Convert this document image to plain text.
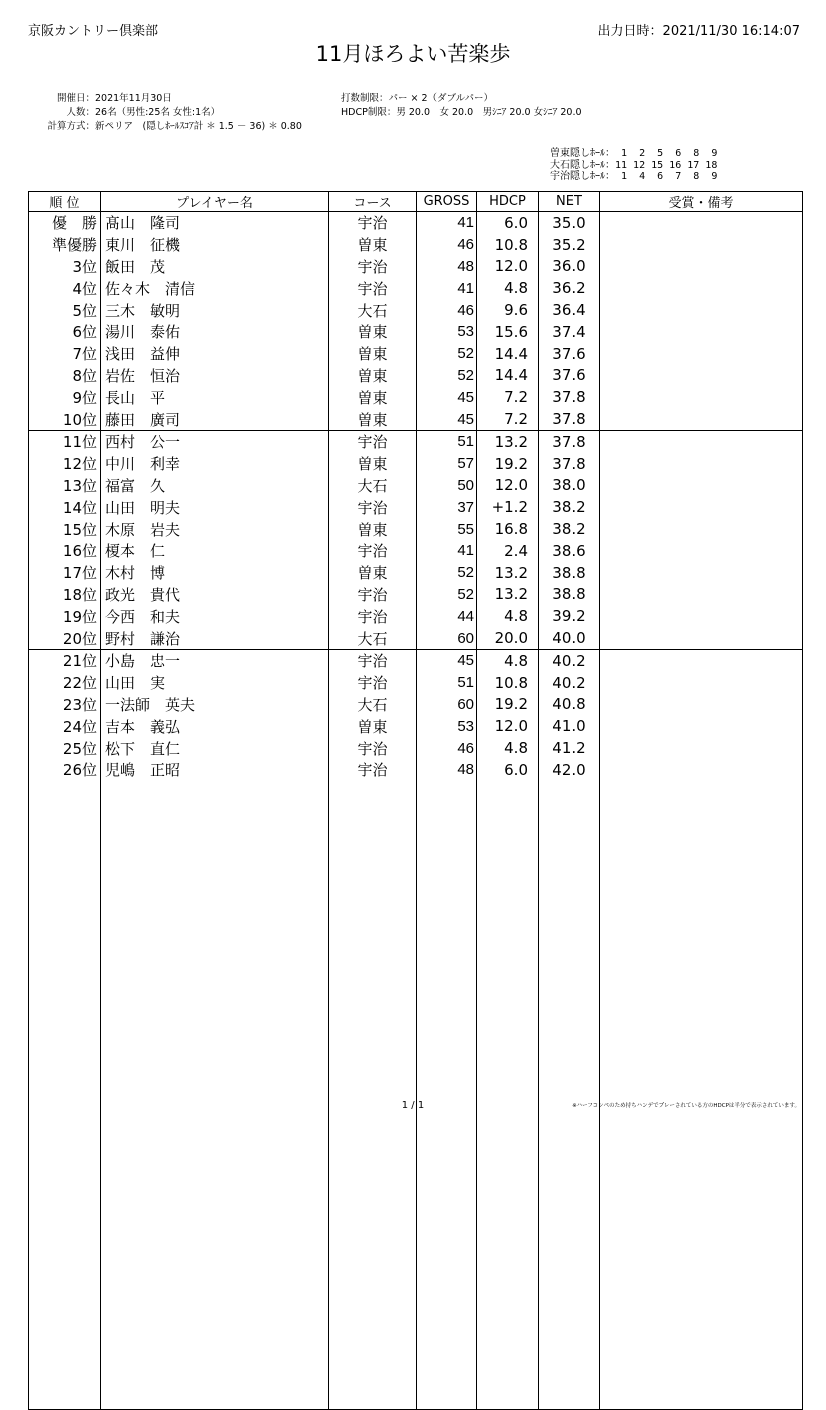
京阪カントリー倶楽部	出力日時：2021/11/30 16:14:07
11月ほろよい苦楽歩
開催日：2021年11月30日
人数：26名（男性:25名 女性:1名）
計算方式：新ペリア　(隠しﾎｰﾙｽｺｱ計 ＊ 1.5 － 36) ＊ 0.80
打数制限：パー × 2（ダブルパー）
HDCP制限：男 20.0　女 20.0　男ｼﾆｱ 20.0 女ｼﾆｱ 20.0
曽東隠しﾎｰﾙ： 1  2  5  6  8  9
大石隠しﾎｰﾙ：11 12 15 16 17 18
宇治隠しﾎｰﾙ： 1  4  6  7  8  9
順 位	プレイヤー名	コース	GROSS	HDCP	NET	受賞・備考
優　勝	髙山　隆司	宇治	41	6.0	35.0	
準優勝	東川　征機	曽東	46	10.8	35.2	
3位	飯田　茂	宇治	48	12.0	36.0	
4位	佐々木　清信	宇治	41	4.8	36.2	
5位	三木　敏明	大石	46	9.6	36.4	
6位	湯川　泰佑	曽東	53	15.6	37.4	
7位	浅田　益伸	曽東	52	14.4	37.6	
8位	岩佐　恒治	曽東	52	14.4	37.6	
9位	長山　平	曽東	45	7.2	37.8	
10位	藤田　廣司	曽東	45	7.2	37.8	
11位	西村　公一	宇治	51	13.2	37.8	
12位	中川　利幸	曽東	57	19.2	37.8	
13位	福富　久	大石	50	12.0	38.0	
14位	山田　明夫	宇治	37	+1.2	38.2	
15位	木原　岩夫	曽東	55	16.8	38.2	
16位	榎本　仁	宇治	41	2.4	38.6	
17位	木村　博	曽東	52	13.2	38.8	
18位	政光　貴代	宇治	52	13.2	38.8	
19位	今西　和夫	宇治	44	4.8	39.2	
20位	野村　謙治	大石	60	20.0	40.0	
21位	小島　忠一	宇治	45	4.8	40.2	
22位	山田　実	宇治	51	10.8	40.2	
23位	一法師　英夫	大石	60	19.2	40.8	
24位	吉本　義弘	曽東	53	12.0	41.0	
25位	松下　直仁	宇治	46	4.8	41.2	
26位	児嶋　正昭	宇治	48	6.0	42.0	

1 / 1	※ハーフコンペのため持ちハンデでプレーされている方のHDCPは半分で表示されています。
